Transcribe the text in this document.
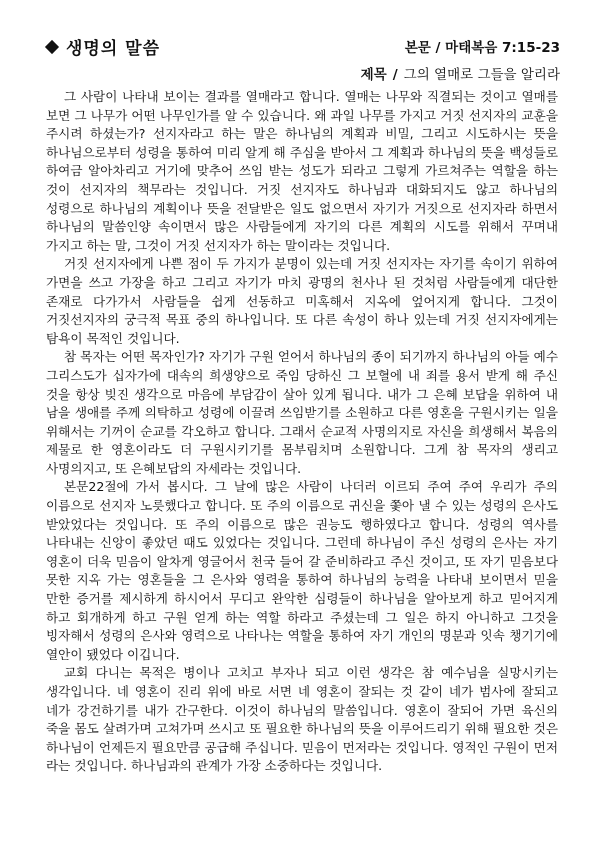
생명의 말씀	본문 / 마태복음 7:15-23
제목 / 그의 열매로 그들을 알리라

그 사람이 나타내 보이는 결과를 열매라고 합니다. 열매는 나무와 직결되는 것이고 열매를 보면 그 나무가 어떤 나무인가를 알 수 있습니다. 왜 과일 나무를 가지고 거짓 선지자의 교훈을 주시려 하셨는가? 선지자라고 하는 말은 하나님의 계획과 비밀, 그리고 시도하시는 뜻을 하나님으로부터 성령을 통하여 미리 알게 해 주심을 받아서 그 계획과 하나님의 뜻을 백성들로 하여금 알아차리고 거기에 맞추어 쓰임 받는 성도가 되라고 그렇게 가르쳐주는 역할을 하는 것이 선지자의 책무라는 것입니다. 거짓 선지자도 하나님과 대화되지도 않고 하나님의 성령으로 하나님의 계획이나 뜻을 전달받은 일도 없으면서 자기가 거짓으로 선지자라 하면서 하나님의 말씀인양 속이면서 많은 사람들에게 자기의 다른 계획의 시도를 위해서 꾸며내 가지고 하는 말, 그것이 거짓 선지자가 하는 말이라는 것입니다.

거짓 선지자에게 나쁜 점이 두 가지가 분명이 있는데 거짓 선지자는 자기를 속이기 위하여 가면을 쓰고 가장을 하고 그리고 자기가 마치 광명의 천사나 된 것처럼 사람들에게 대단한 존재로 다가가서 사람들을 쉽게 선동하고 미혹해서 지옥에 엎어지게 합니다. 그것이 거짓선지자의 궁극적 목표 중의 하나입니다. 또 다른 속성이 하나 있는데 거짓 선지자에게는 탐욕이 목적인 것입니다.

참 목자는 어떤 목자인가? 자기가 구원 얻어서 하나님의 종이 되기까지 하나님의 아들 예수 그리스도가 십자가에 대속의 희생양으로 죽임 당하신 그 보혈에 내 죄를 용서 받게 해 주신 것을 항상 빚진 생각으로 마음에 부담감이 살아 있게 됩니다. 내가 그 은혜 보답을 위하여 내 남을 생애를 주께 의탁하고 성령에 이끌려 쓰임받기를 소원하고 다른 영혼을 구원시키는 일을 위해서는 기꺼이 순교를 각오하고 합니다. 그래서 순교적 사명의지로 자신을 희생해서 복음의 제물로 한 영혼이라도 더 구원시키기를 몸부림치며 소원합니다. 그게 참 목자의 생리고 사명의지고, 또 은혜보답의 자세라는 것입니다.

본문22절에 가서 봅시다. 그 날에 많은 사람이 나더러 이르되 주여 주여 우리가 주의 이름으로 선지자 노릇했다고 합니다. 또 주의 이름으로 귀신을 쫓아 낼 수 있는 성령의 은사도 받았었다는 것입니다. 또 주의 이름으로 많은 권능도 행하였다고 합니다. 성령의 역사를 나타내는 신앙이 좋았던 때도 있었다는 것입니다. 그런데 하나님이 주신 성령의 은사는 자기 영혼이 더욱 믿음이 알차게 영글어서 천국 들어 갈 준비하라고 주신 것이고, 또 자기 믿음보다 못한 지옥 가는 영혼들을 그 은사와 영력을 통하여 하나님의 능력을 나타내 보이면서 믿을 만한 증거를 제시하게 하시어서 무디고 완악한 심령들이 하나님을 알아보게 하고 믿어지게 하고 회개하게 하고 구원 얻게 하는 역할 하라고 주셨는데 그 일은 하지 아니하고 그것을 빙자해서 성령의 은사와 영력으로 나타나는 역할을 통하여 자기 개인의 명분과 잇속 챙기기에 열안이 됐었다 이깁니다.

교회 다니는 목적은 병이나 고치고 부자나 되고 이런 생각은 참 예수님을 실망시키는 생각입니다. 네 영혼이 진리 위에 바로 서면 네 영혼이 잘되는 것 같이 네가 범사에 잘되고 네가 강건하기를 내가 간구한다. 이것이 하나님의 말씀입니다. 영혼이 잘되어 가면 육신의 죽을 몸도 살려가며 고쳐가며 쓰시고 또 필요한 하나님의 뜻을 이루어드리기 위해 필요한 것은 하나님이 언제든지 필요만큼 공급해 주십니다. 믿음이 먼저라는 것입니다. 영적인 구원이 먼저 라는 것입니다. 하나님과의 관계가 가장 소중하다는 것입니다.
